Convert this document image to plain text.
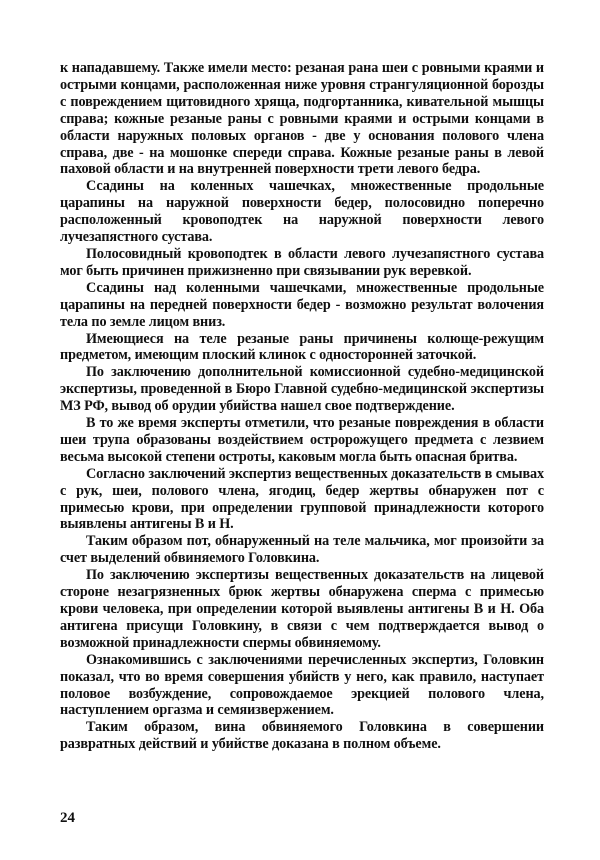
к нападавшему. Также имели место: резаная рана шеи с ровными краями и острыми концами, расположенная ниже уровня странгуляционной борозды с повреждением щитовидного хряща, подгортанника, кивательной мышцы справа; кожные резаные раны с ровными краями и острыми концами в области наружных половых органов - две у основания полового члена справа, две - на мошонке спереди справа. Кожные резаные раны в левой паховой области и на внутренней поверхности трети левого бедра.

Ссадины на коленных чашечках, множественные продольные царапины на наружной поверхности бедер, полосовидно поперечно расположенный кровоподтек на наружной поверхности левого лучезапястного сустава.

Полосовидный кровоподтек в области левого лучезапястного сустава мог быть причинен прижизненно при связывании рук веревкой.

Ссадины над коленными чашечками, множественные продольные царапины на передней поверхности бедер - возможно результат волочения тела по земле лицом вниз.

Имеющиеся на теле резаные раны причинены колюще-режущим предметом, имеющим плоский клинок с односторонней заточкой.

По заключению дополнительной комиссионной судебно-медицинской экспертизы, проведенной в Бюро Главной судебно-медицинской экспертизы МЗ РФ, вывод об орудии убийства нашел свое подтверждение.

В то же время эксперты отметили, что резаные повреждения в области шеи трупа образованы воздействием остророжущего предмета с лезвием весьма высокой степени остроты, каковым могла быть опасная бритва.

Согласно заключений экспертиз вещественных доказательств в смывах с рук, шеи, полового члена, ягодиц, бедер жертвы обнаружен пот с примесью крови, при определении групповой принадлежности которого выявлены антигены В и Н.

Таким образом пот, обнаруженный на теле мальчика, мог произойти за счет выделений обвиняемого Головкина.

По заключению экспертизы вещественных доказательств на лицевой стороне незагрязненных брюк жертвы обнаружена сперма с примесью крови человека, при определении которой выявлены антигены В и Н. Оба антигена присущи Головкину, в связи с чем подтверждается вывод о возможной принадлежности спермы обвиняемому.

Ознакомившись с заключениями перечисленных экспертиз, Головкин показал, что во время совершения убийств у него, как правило, наступает половое возбуждение, сопровождаемое эрекцией полового члена, наступлением оргазма и семяизвержением.

Таким образом, вина обвиняемого Головкина в совершении развратных действий и убийстве доказана в полном объеме.

24
